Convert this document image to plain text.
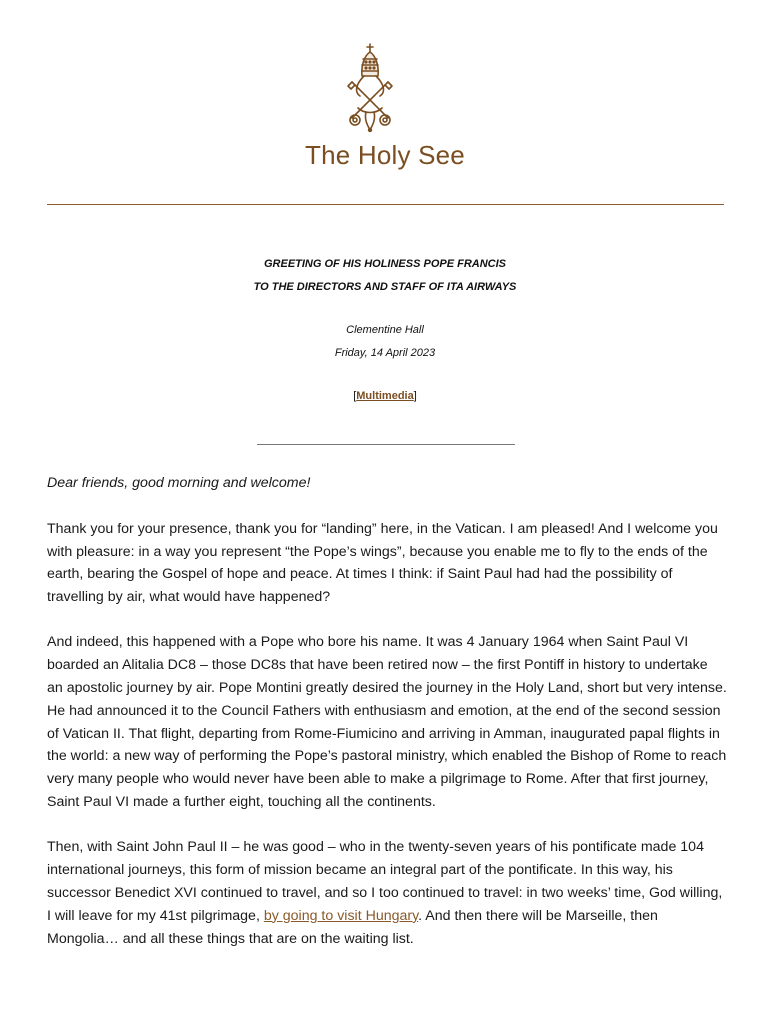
The Holy See
GREETING OF HIS HOLINESS POPE FRANCIS
TO THE DIRECTORS AND STAFF OF ITA AIRWAYS
Clementine Hall
Friday, 14 April 2023
[Multimedia]

Dear friends, good morning and welcome!

Thank you for your presence, thank you for “landing” here, in the Vatican. I am pleased! And I welcome you with pleasure: in a way you represent “the Pope’s wings”, because you enable me to fly to the ends of the earth, bearing the Gospel of hope and peace. At times I think: if Saint Paul had had the possibility of travelling by air, what would have happened?

And indeed, this happened with a Pope who bore his name. It was 4 January 1964 when Saint Paul VI boarded an Alitalia DC8 – those DC8s that have been retired now – the first Pontiff in history to undertake an apostolic journey by air. Pope Montini greatly desired the journey in the Holy Land, short but very intense. He had announced it to the Council Fathers with enthusiasm and emotion, at the end of the second session of Vatican II. That flight, departing from Rome-Fiumicino and arriving in Amman, inaugurated papal flights in the world: a new way of performing the Pope’s pastoral ministry, which enabled the Bishop of Rome to reach very many people who would never have been able to make a pilgrimage to Rome. After that first journey, Saint Paul VI made a further eight, touching all the continents.

Then, with Saint John Paul II – he was good – who in the twenty-seven years of his pontificate made 104 international journeys, this form of mission became an integral part of the pontificate. In this way, his successor Benedict XVI continued to travel, and so I too continued to travel: in two weeks’ time, God willing, I will leave for my 41st pilgrimage, by going to visit Hungary. And then there will be Marseille, then Mongolia… and all these things that are on the waiting list.
